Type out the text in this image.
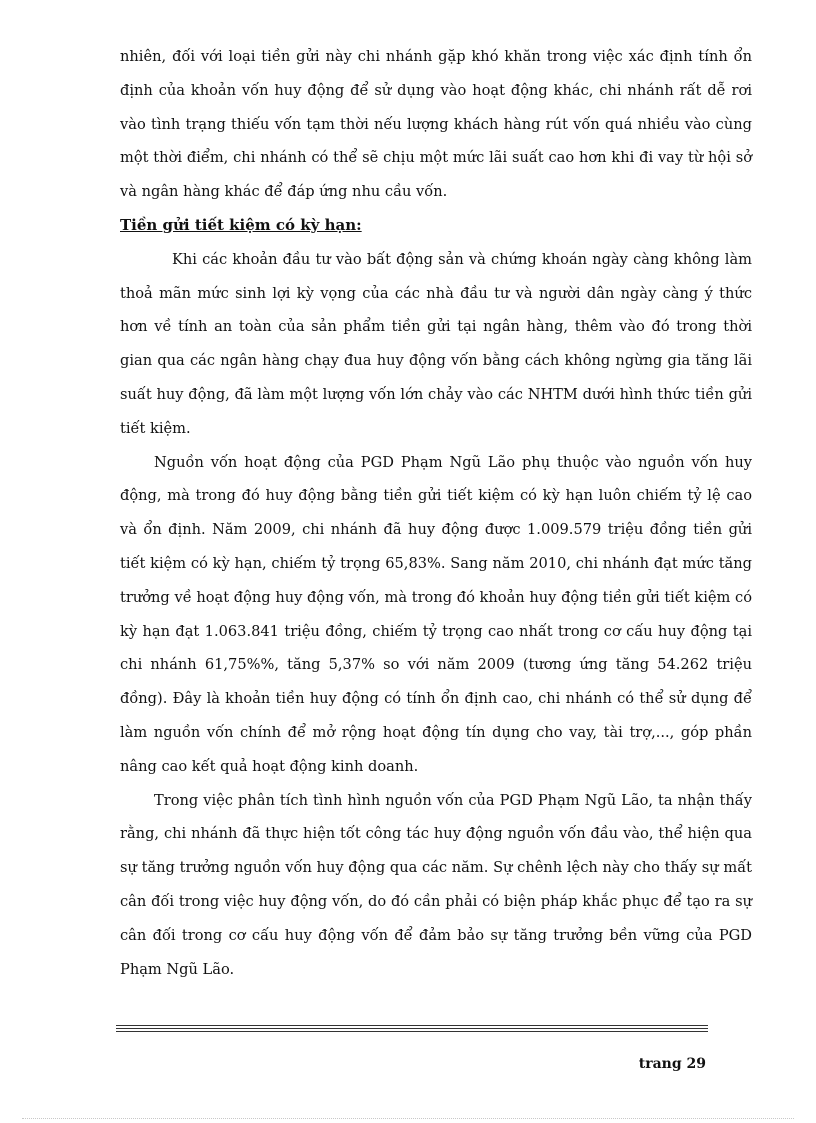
nhiên, đối với loại tiền gửi này chi nhánh gặp khó khăn trong việc xác định tính ổn định của khoản vốn huy động để sử dụng vào hoạt động khác, chi nhánh rất dễ rơi vào tình trạng thiếu vốn tạm thời nếu lượng khách hàng rút vốn quá nhiều vào cùng một thời điểm, chi nhánh có thể sẽ chịu một mức lãi suất cao hơn khi đi vay từ hội sở và ngân hàng khác để đáp ứng nhu cầu vốn.

Tiền gửi tiết kiệm có kỳ hạn:

Khi các khoản đầu tư vào bất động sản và chứng khoán ngày càng không làm thoả mãn mức sinh lợi kỳ vọng của các nhà đầu tư và người dân ngày càng ý thức hơn về tính an toàn của sản phẩm tiền gửi tại ngân hàng, thêm vào đó trong thời gian qua các ngân hàng chạy đua huy động vốn bằng cách không ngừng gia tăng lãi suất huy động, đã làm một lượng vốn lớn chảy vào các NHTM dưới hình thức tiền gửi tiết kiệm.

Nguồn vốn hoạt động của PGD Phạm Ngũ Lão phụ thuộc vào nguồn vốn huy động, mà trong đó huy động bằng tiền gửi tiết kiệm có kỳ hạn luôn chiếm tỷ lệ cao và ổn định. Năm 2009, chi nhánh đã huy động được 1.009.579 triệu đồng tiền gửi tiết kiệm có kỳ hạn, chiếm tỷ trọng 65,83%. Sang năm 2010, chi nhánh đạt mức tăng trưởng về hoạt động huy động vốn, mà trong đó khoản huy động tiền gửi tiết kiệm có kỳ hạn đạt 1.063.841 triệu đồng, chiếm tỷ trọng cao nhất trong cơ cấu huy động tại chi nhánh 61,75%%, tăng 5,37% so với năm 2009 (tương ứng tăng 54.262 triệu đồng). Đây là khoản tiền huy động có tính ổn định cao, chi nhánh có thể sử dụng để làm nguồn vốn chính để mở rộng hoạt động tín dụng cho vay, tài trợ,..., góp phần nâng cao kết quả hoạt động kinh doanh.

Trong việc phân tích tình hình nguồn vốn của PGD Phạm Ngũ Lão, ta nhận thấy rằng, chi nhánh đã thực hiện tốt công tác huy động nguồn vốn đầu vào, thể hiện qua sự tăng trưởng nguồn vốn huy động qua các năm. Sự chênh lệch này cho thấy sự mất cân đối trong việc huy động vốn, do đó cần phải có biện pháp khắc phục để tạo ra sự cân đối trong cơ cấu huy động vốn để đảm bảo sự tăng trưởng bền vững của PGD Phạm Ngũ Lão.

trang 29
